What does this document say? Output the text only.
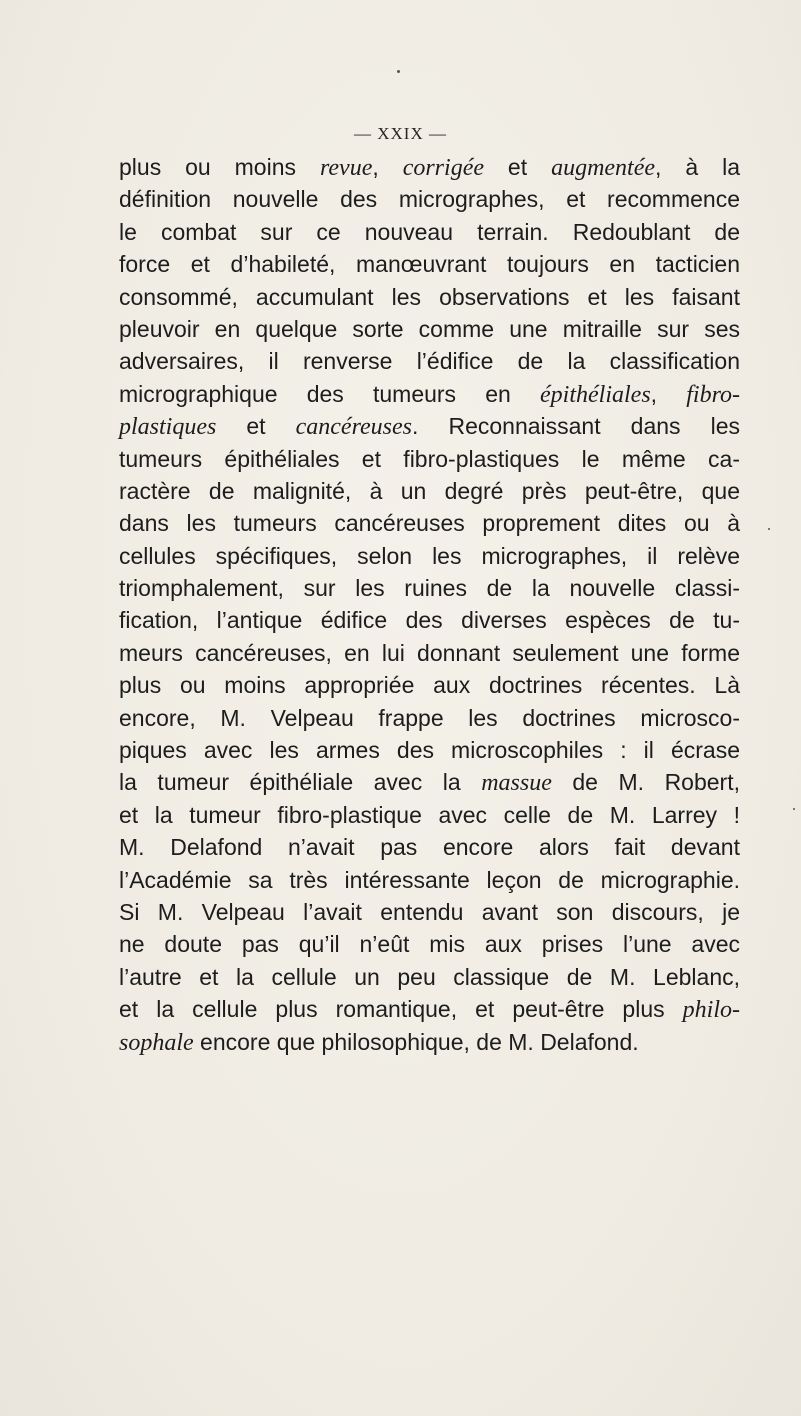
— XXIX —
plus ou moins revue, corrigée et augmentée, à la
définition nouvelle des micrographes, et recommence
le combat sur ce nouveau terrain. Redoublant de
force et d’habileté, manœuvrant toujours en tacticien
consommé, accumulant les observations et les faisant
pleuvoir en quelque sorte comme une mitraille sur ses
adversaires, il renverse l’édifice de la classification
micrographique des tumeurs en épithéliales, fibro-
plastiques et cancéreuses. Reconnaissant dans les
tumeurs épithéliales et fibro-plastiques le même ca-
ractère de malignité, à un degré près peut-être, que
dans les tumeurs cancéreuses proprement dites ou à
cellules spécifiques, selon les micrographes, il relève
triomphalement, sur les ruines de la nouvelle classi-
fication, l’antique édifice des diverses espèces de tu-
meurs cancéreuses, en lui donnant seulement une forme
plus ou moins appropriée aux doctrines récentes. Là
encore, M. Velpeau frappe les doctrines microsco-
piques avec les armes des microscophiles : il écrase
la tumeur épithéliale avec la massue de M. Robert,
et la tumeur fibro-plastique avec celle de M. Larrey !
M. Delafond n’avait pas encore alors fait devant
l’Académie sa très intéressante leçon de micrographie.
Si M. Velpeau l’avait entendu avant son discours, je
ne doute pas qu’il n’eût mis aux prises l’une avec
l’autre et la cellule un peu classique de M. Leblanc,
et la cellule plus romantique, et peut-être plus philo-
sophale encore que philosophique, de M. Delafond.
